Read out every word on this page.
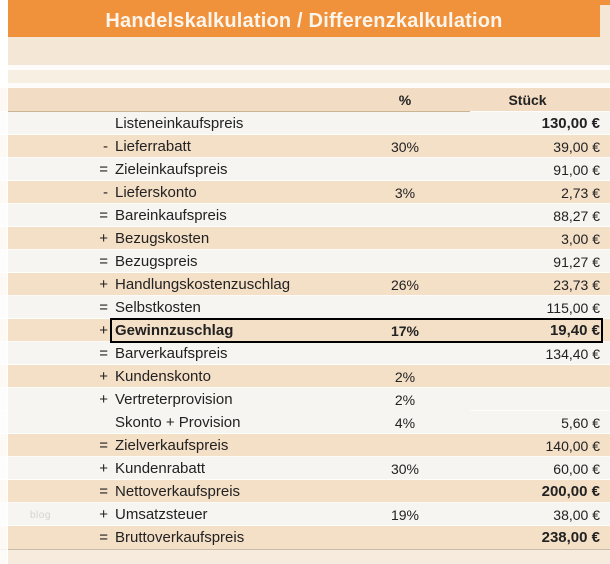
Handelskalkulation / Differenzkalkulation
%	Stück
Listeneinkaufspreis	130,00 €
- Lieferrabatt	30%	39,00 €
= Zieleinkaufspreis	91,00 €
- Lieferskonto	3%	2,73 €
= Bareinkaufspreis	88,27 €
+ Bezugskosten	3,00 €
= Bezugspreis	91,27 €
+ Handlungskostenzuschlag	26%	23,73 €
= Selbstkosten	115,00 €
+ Gewinnzuschlag	17%	19,40 €
= Barverkaufspreis	134,40 €
+ Kundenskonto	2%
+ Vertreterprovision	2%
Skonto + Provision	4%	5,60 €
= Zielverkaufspreis	140,00 €
+ Kundenrabatt	30%	60,00 €
= Nettoverkaufspreis	200,00 €
+ Umsatzsteuer	19%	38,00 €
= Bruttoverkaufspreis	238,00 €
blog
